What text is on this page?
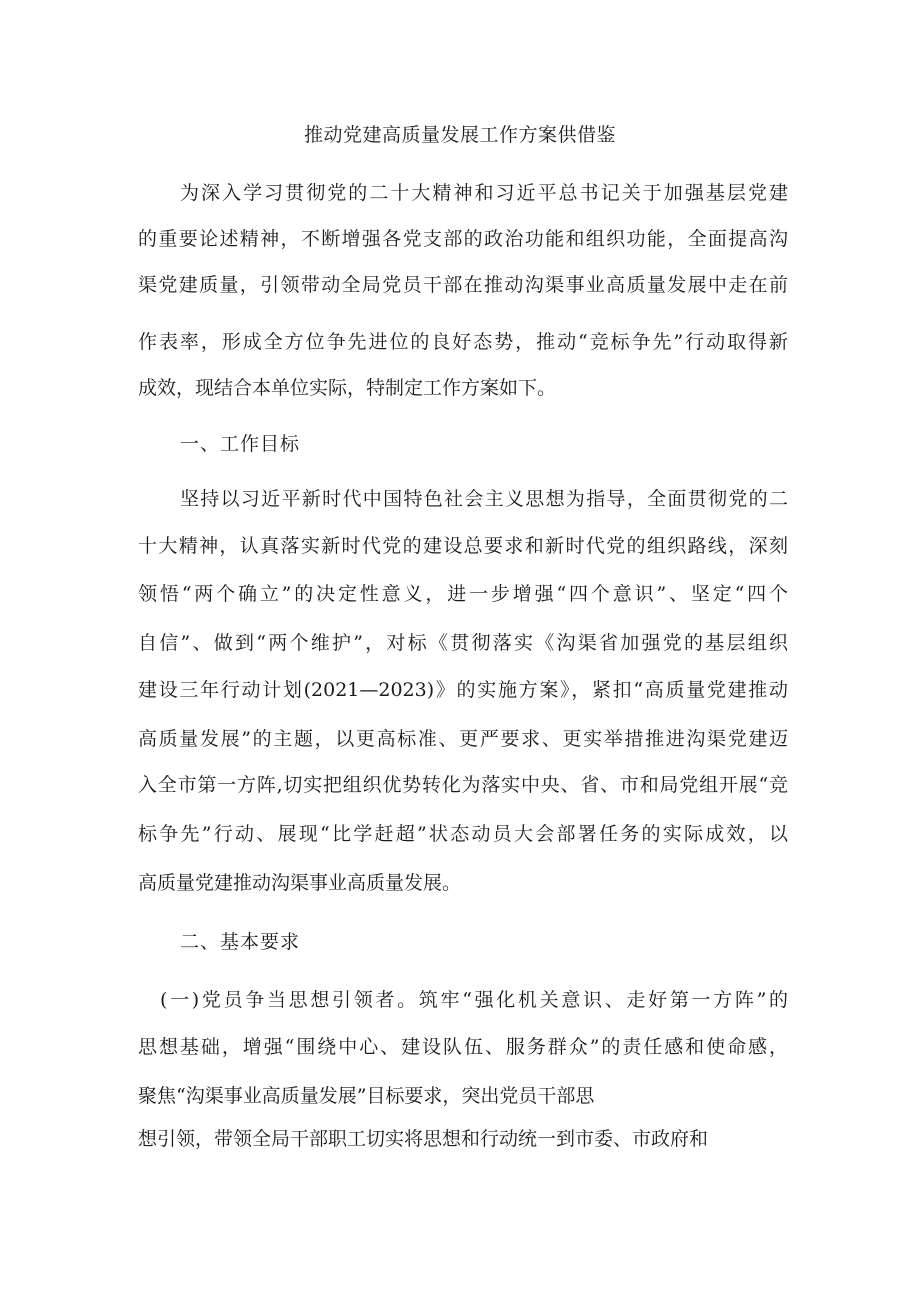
推动党建高质量发展工作方案供借鉴
为深入学习贯彻党的二十大精神和习近平总书记关于加强基层党建
的重要论述精神，不断增强各党支部的政治功能和组织功能，全面提高沟
渠党建质量，引领带动全局党员干部在推动沟渠事业高质量发展中走在前
作表率，形成全方位争先进位的良好态势，推动“竞标争先”行动取得新
成效，现结合本单位实际，特制定工作方案如下。
一、工作目标
坚持以习近平新时代中国特色社会主义思想为指导，全面贯彻党的二
十大精神，认真落实新时代党的建设总要求和新时代党的组织路线，深刻
领悟“两个确立”的决定性意义，进一步增强“四个意识”、坚定“四个
自信”、做到“两个维护”，对标《贯彻落实《沟渠省加强党的基层组织
建设三年行动计划(2021—2023)》的实施方案》，紧扣“高质量党建推动
高质量发展”的主题，以更高标准、更严要求、更实举措推进沟渠党建迈
入全市第一方阵,切实把组织优势转化为落实中央、省、市和局党组开展“竞
标争先”行动、展现“比学赶超”状态动员大会部署任务的实际成效，以
高质量党建推动沟渠事业高质量发展。
二、基本要求
(一)党员争当思想引领者。筑牢“强化机关意识、走好第一方阵”的
思想基础，增强“围绕中心、建设队伍、服务群众”的责任感和使命感，
聚焦“沟渠事业高质量发展”目标要求，突出党员干部思
想引领，带领全局干部职工切实将思想和行动统一到市委、市政府和
